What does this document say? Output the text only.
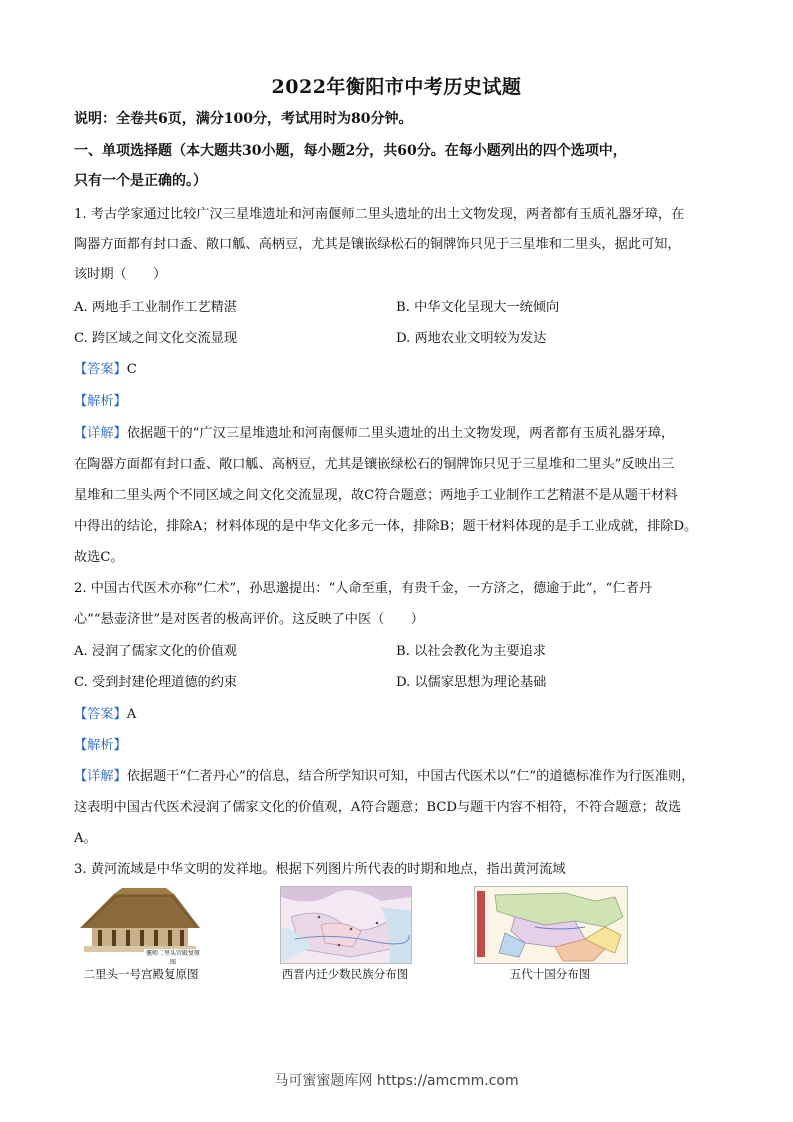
2022年衡阳市中考历史试题
说明：全卷共6页，满分100分，考试用时为80分钟。
一、单项选择题（本大题共30小题，每小题2分，共60分。在每小题列出的四个选项中，
只有一个是正确的。）
1. 考古学家通过比较广汉三星堆遗址和河南偃师二里头遗址的出土文物发现，两者都有玉质礼器牙璋，在
陶器方面都有封口盉、敞口觚、高柄豆，尤其是镶嵌绿松石的铜牌饰只见于三星堆和二里头，据此可知，
该时期（　　）
A. 两地手工业制作工艺精湛	B. 中华文化呈现大一统倾向
C. 跨区域之间文化交流显现	D. 两地农业文明较为发达
【答案】C
【解析】
【详解】依据题干的“广汉三星堆遗址和河南偃师二里头遗址的出土文物发现，两者都有玉质礼器牙璋，
在陶器方面都有封口盉、敞口觚、高柄豆，尤其是镶嵌绿松石的铜牌饰只见于三星堆和二里头”反映出三
星堆和二里头两个不同区域之间文化交流显现，故C符合题意；两地手工业制作工艺精湛不是从题干材料
中得出的结论，排除A；材料体现的是中华文化多元一体，排除B；题干材料体现的是手工业成就，排除D。
故选C。
2. 中国古代医术亦称“仁术”，孙思邈提出：“人命至重，有贵千金，一方济之，德逾于此”，“仁者丹
心”“悬壶济世”是对医者的极高评价。这反映了中医（　　）
A. 浸润了儒家文化的价值观	B. 以社会教化为主要追求
C. 受到封建伦理道德的约束	D. 以儒家思想为理论基础
【答案】A
【解析】
【详解】依据题干“仁者丹心”的信息，结合所学知识可知，中国古代医术以“仁”的道德标准作为行医准则，
这表明中国古代医术浸润了儒家文化的价值观，A符合题意；BCD与题干内容不相符，不符合题意；故选
A。
3. 黄河流域是中华文明的发祥地。根据下列图片所代表的时期和地点，指出黄河流域
偃师二里头宫殿复原图
二里头一号宫殿复原图	西晋内迁少数民族分布图	五代十国分布图
马可蜜蜜题库网 https://amcmm.com
